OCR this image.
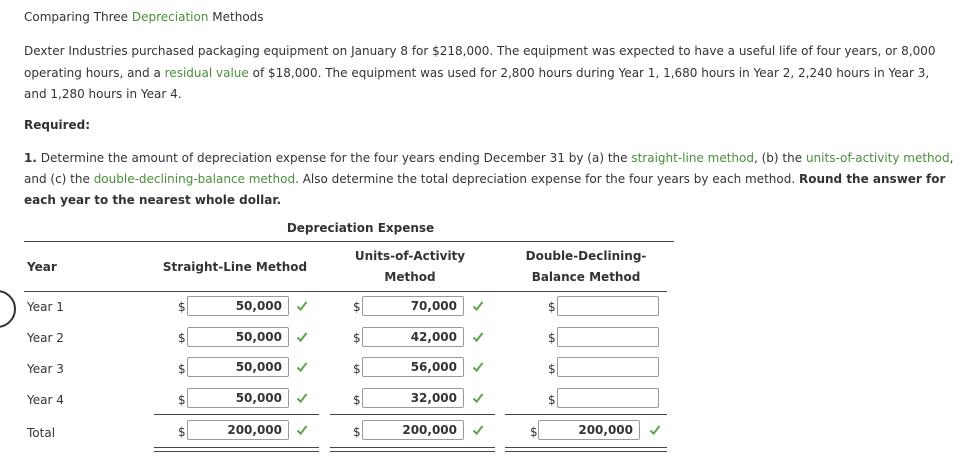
Comparing Three Depreciation Methods
Dexter Industries purchased packaging equipment on January 8 for $218,000. The equipment was expected to have a useful life of four years, or 8,000 operating hours, and a residual value of $18,000. The equipment was used for 2,800 hours during Year 1, 1,680 hours in Year 2, 2,240 hours in Year 3, and 1,280 hours in Year 4.
Required:
1. Determine the amount of depreciation expense for the four years ending December 31 by (a) the straight-line method, (b) the units-of-activity method, and (c) the double-declining-balance method. Also determine the total depreciation expense for the four years by each method. Round the answer for each year to the nearest whole dollar.
Depreciation Expense
Year	Straight-Line Method
Units-of-Activity
Method
Double-Declining-
Balance Method
Year 1	$	50,000	$	70,000	$
Year 2	$	50,000	$	42,000	$
Year 3	$	50,000	$	56,000	$
Year 4	$	50,000	$	32,000	$
Total	$	200,000	$	200,000	$	200,000
